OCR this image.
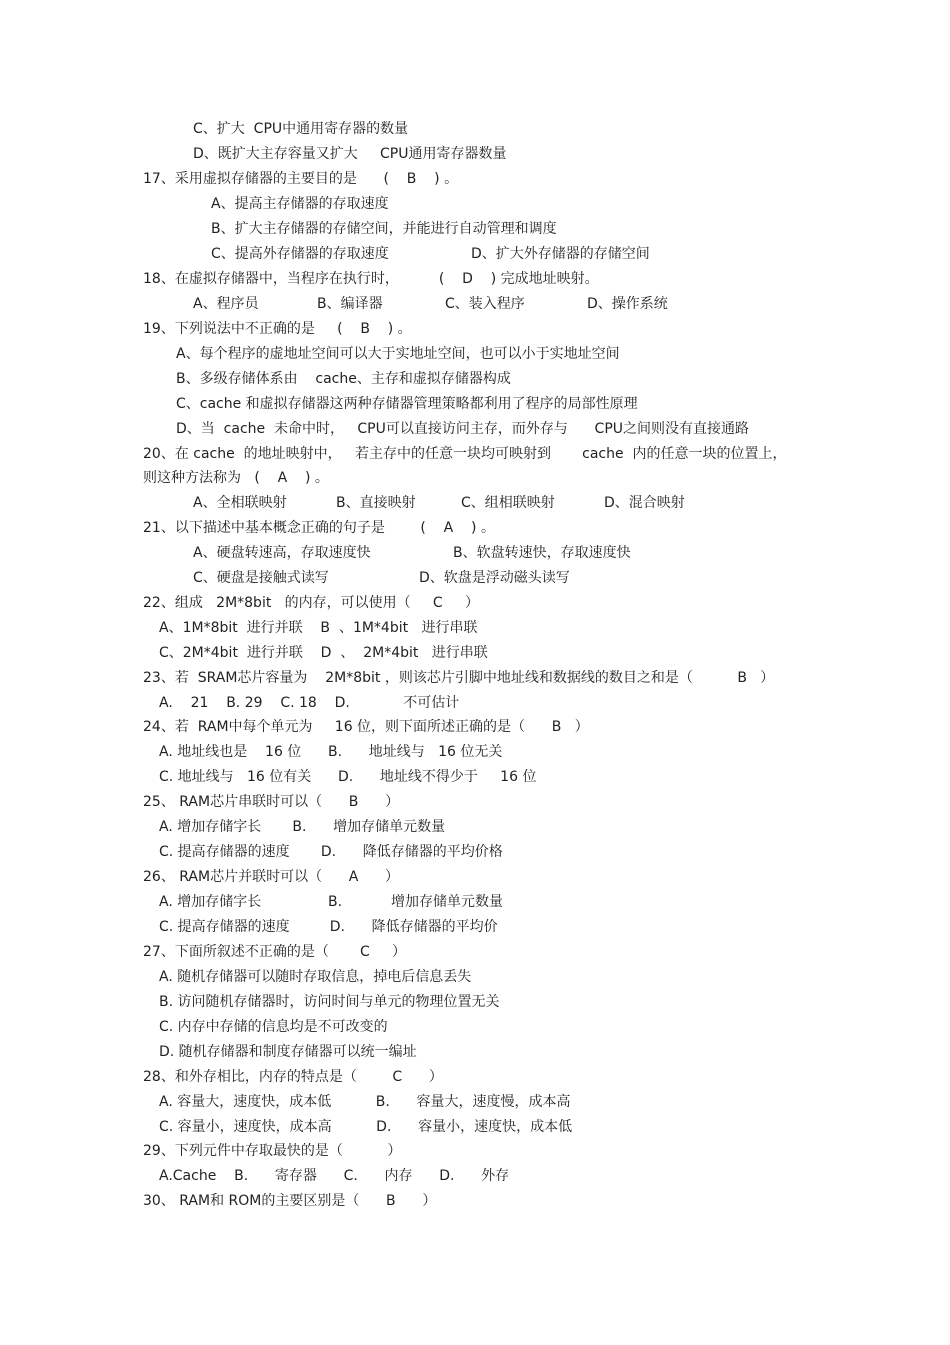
C、扩大  CPU中通用寄存器的数量
D、既扩大主存容量又扩大     CPU通用寄存器数量
17、采用虚拟存储器的主要目的是      (    B    ) 。
A、提高主存储器的存取速度
B、扩大主存储器的存储空间，并能进行自动管理和调度
C、提高外存储器的存取速度	D、扩大外存储器的存储空间
18、在虚拟存储器中，当程序在执行时，         (    D    ) 完成地址映射。
A、程序员	B、编译器	C、装入程序	D、操作系统
19、下列说法中不正确的是     (    B    ) 。
A、每个程序的虚地址空间可以大于实地址空间，也可以小于实地址空间
B、多级存储体系由    cache、主存和虚拟存储器构成
C、cache 和虚拟存储器这两种存储器管理策略都利用了程序的局部性原理
D、当  cache  未命中时，   CPU可以直接访问主存，而外存与      CPU之间则没有直接通路
20、在 cache  的地址映射中，   若主存中的任意一块均可映射到       cache  内的任意一块的位置上，
则这种方法称为   (    A    ) 。
A、全相联映射	B、直接映射	C、组相联映射	D、混合映射
21、以下描述中基本概念正确的句子是        (    A    ) 。
A、硬盘转速高，存取速度快	B、软盘转速快，存取速度快
C、硬盘是接触式读写	D、软盘是浮动磁头读写
22、组成   2M*8bit   的内存，可以使用（     C     ）
A、1M*8bit  进行并联    B  、1M*4bit   进行串联
C、2M*4bit  进行并联    D  、  2M*4bit   进行串联
23、若  SRAM芯片容量为    2M*8bit ，则该芯片引脚中地址线和数据线的数目之和是（          B   ）
A.    21    B. 29    C. 18    D.            不可估计
24、若  RAM中每个单元为     16 位，则下面所述正确的是（      B   ）
A. 地址线也是    16 位      B.      地址线与   16 位无关
C. 地址线与   16 位有关      D.      地址线不得少于     16 位
25、 RAM芯片串联时可以（      B      ）
A. 增加存储字长       B.      增加存储单元数量
C. 提高存储器的速度       D.      降低存储器的平均价格
26、 RAM芯片并联时可以（      A      ）
A. 增加存储字长               B.           增加存储单元数量
C. 提高存储器的速度         D.      降低存储器的平均价
27、下面所叙述不正确的是（       C     ）
A. 随机存储器可以随时存取信息，掉电后信息丢失
B. 访问随机存储器时，访问时间与单元的物理位置无关
C. 内存中存储的信息均是不可改变的
D. 随机存储器和制度存储器可以统一编址
28、和外存相比，内存的特点是（        C      ）
A. 容量大，速度快，成本低          B.      容量大，速度慢，成本高
C. 容量小，速度快，成本高          D.      容量小，速度快，成本低
29、下列元件中存取最快的是（          ）
A.Cache    B.      寄存器      C.      内存      D.      外存
30、 RAM和 ROM的主要区别是（      B      ）
